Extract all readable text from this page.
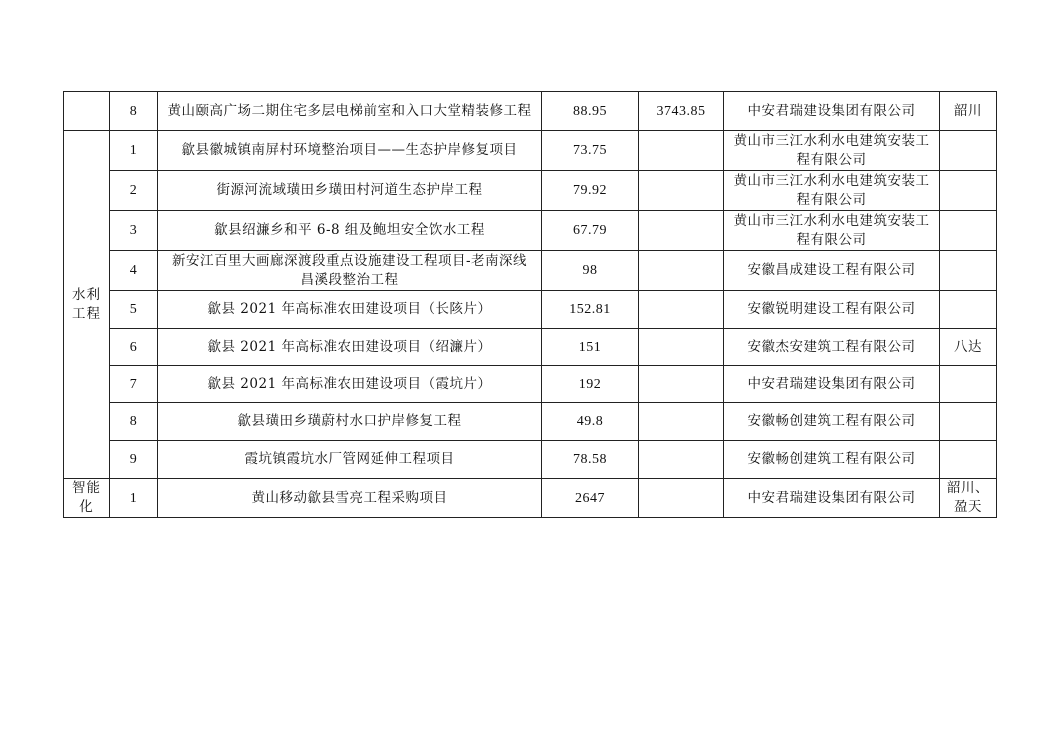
	8	黄山颐高广场二期住宅多层电梯前室和入口大堂精装修工程	88.95	3743.85	中安君瑞建设集团有限公司	韶川

水利工程	1	歙县徽城镇南屏村环境整治项目——生态护岸修复项目	73.75		黄山市三江水利水电建筑安装工程有限公司	
	2	街源河流域璜田乡璜田村河道生态护岸工程	79.92		黄山市三江水利水电建筑安装工程有限公司	
	3	歙县绍濂乡和平 6-8 组及鲍坦安全饮水工程	67.79		黄山市三江水利水电建筑安装工程有限公司	
	4	新安江百里大画廊深渡段重点设施建设工程项目-老南深线昌溪段整治工程	98		安徽昌成建设工程有限公司	
	5	歙县 2021 年高标准农田建设项目（长陔片）	152.81		安徽锐明建设工程有限公司	
	6	歙县 2021 年高标准农田建设项目（绍濂片）	151		安徽杰安建筑工程有限公司	八达
	7	歙县 2021 年高标准农田建设项目（霞坑片）	192		中安君瑞建设集团有限公司	
	8	歙县璜田乡璜蔚村水口护岸修复工程	49.8		安徽畅创建筑工程有限公司	
	9	霞坑镇霞坑水厂管网延伸工程项目	78.58		安徽畅创建筑工程有限公司	

智能化	1	黄山移动歙县雪亮工程采购项目	2647		中安君瑞建设集团有限公司	韶川、盈天
